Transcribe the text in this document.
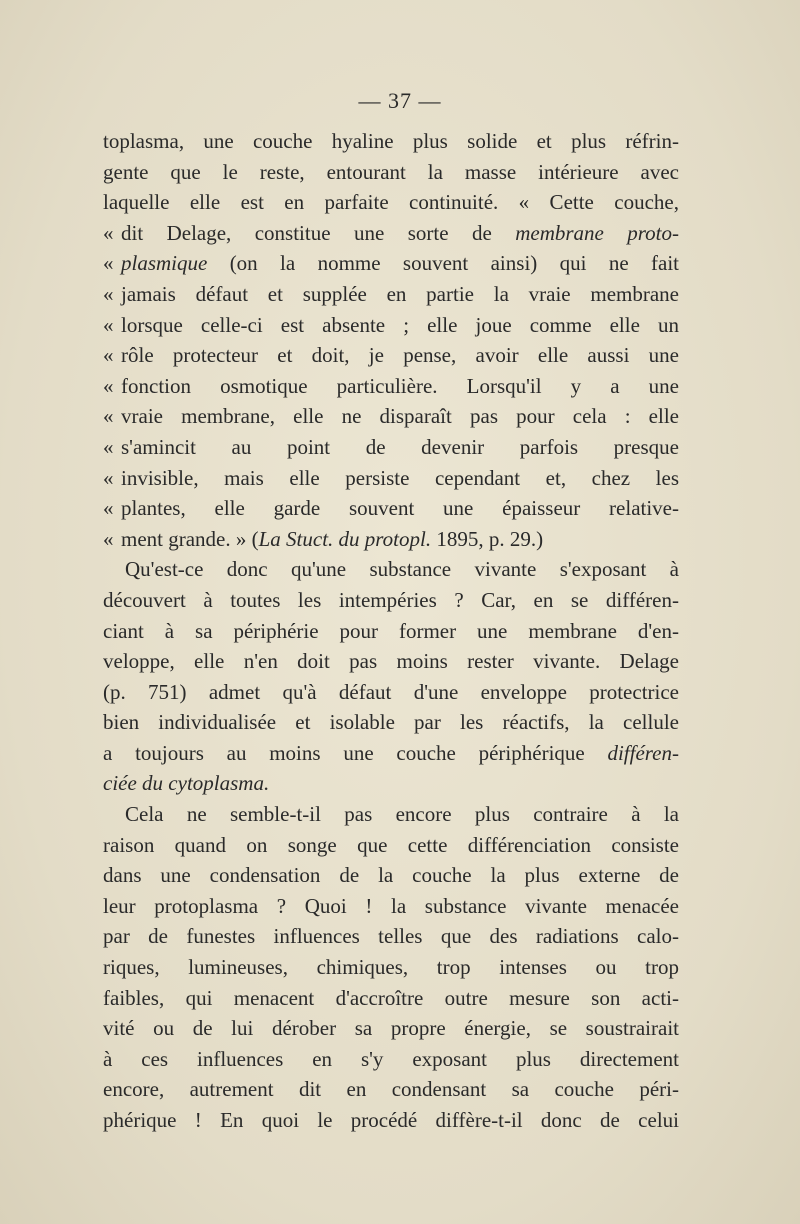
— 37 —
toplasma, une couche hyaline plus solide et plus réfrin-
gente que le reste, entourant la masse intérieure avec
laquelle elle est en parfaite continuité. « Cette couche,
« dit Delage, constitue une sorte de membrane proto-
« plasmique (on la nomme souvent ainsi) qui ne fait
« jamais défaut et supplée en partie la vraie membrane
« lorsque celle-ci est absente ; elle joue comme elle un
« rôle protecteur et doit, je pense, avoir elle aussi une
« fonction osmotique particulière. Lorsqu'il y a une
« vraie membrane, elle ne disparaît pas pour cela : elle
« s'amincit au point de devenir parfois presque
« invisible, mais elle persiste cependant et, chez les
« plantes, elle garde souvent une épaisseur relative-
« ment grande. » (La Stuct. du protopl. 1895, p. 29.)
Qu'est-ce donc qu'une substance vivante s'exposant à
découvert à toutes les intempéries ? Car, en se différen-
ciant à sa périphérie pour former une membrane d'en-
veloppe, elle n'en doit pas moins rester vivante. Delage
(p. 751) admet qu'à défaut d'une enveloppe protectrice
bien individualisée et isolable par les réactifs, la cellule
a toujours au moins une couche périphérique différen-
ciée du cytoplasma.
Cela ne semble-t-il pas encore plus contraire à la
raison quand on songe que cette différenciation consiste
dans une condensation de la couche la plus externe de
leur protoplasma ? Quoi ! la substance vivante menacée
par de funestes influences telles que des radiations calo-
riques, lumineuses, chimiques, trop intenses ou trop
faibles, qui menacent d'accroître outre mesure son acti-
vité ou de lui dérober sa propre énergie, se soustrairait
à ces influences en s'y exposant plus directement
encore, autrement dit en condensant sa couche péri-
phérique ! En quoi le procédé diffère-t-il donc de celui
